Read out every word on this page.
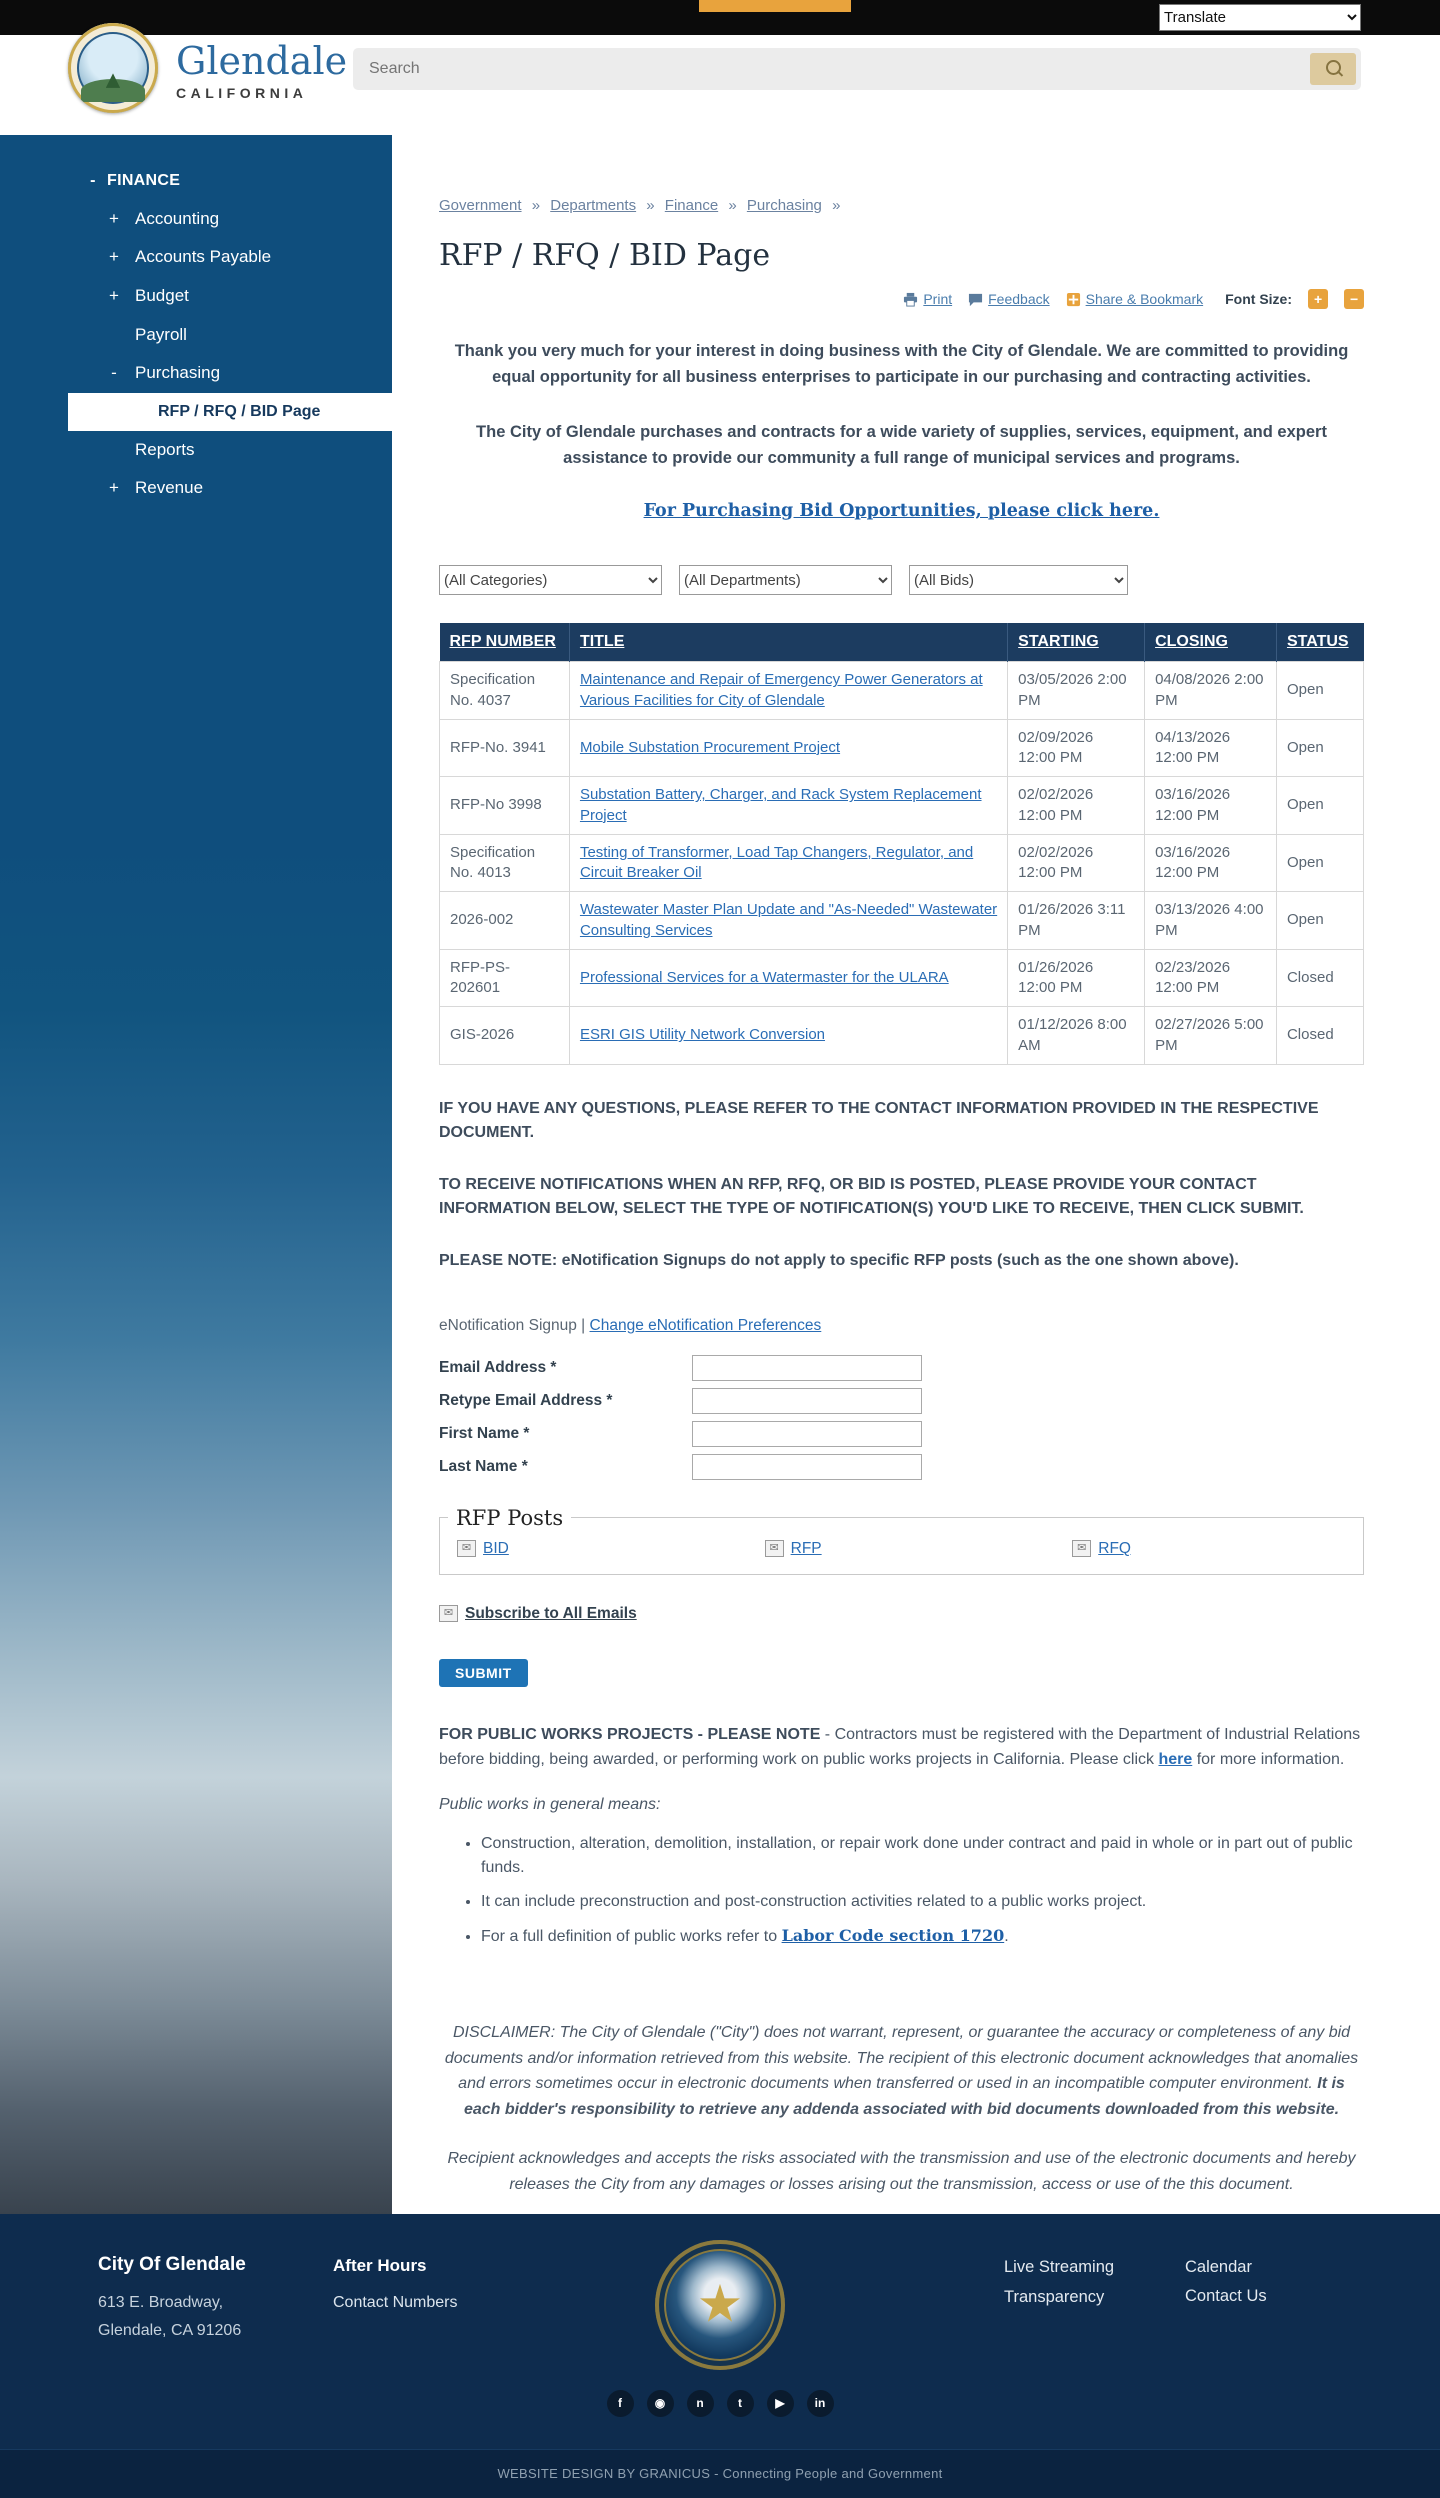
Translate
Glendale
CALIFORNIA
Search
- FINANCE
+ Accounting
+ Accounts Payable
+ Budget
Payroll
- Purchasing
RFP / RFQ / BID Page
Reports
+ Revenue
Government » Departments » Finance » Purchasing »
RFP / RFQ / BID Page
Print	Feedback	Share & Bookmark Font Size:	+	−

Thank you very much for your interest in doing business with the City of Glendale. We are committed to providing equal opportunity for all business enterprises to participate in our purchasing and contracting activities.

The City of Glendale purchases and contracts for a wide variety of supplies, services, equipment, and expert assistance to provide our community a full range of municipal services and programs.

For Purchasing Bid Opportunities, please click here.
(All Categories)
(All Departments)
(All Bids)
RFP NUMBER	TITLE	STARTING	CLOSING	STATUS
Specification No. 4037	Maintenance and Repair of Emergency Power Generators at Various Facilities for City of Glendale	03/05/2026 2:00 PM	04/08/2026 2:00 PM	Open
RFP-No. 3941	Mobile Substation Procurement Project	02/09/2026 12:00 PM	04/13/2026 12:00 PM	Open
RFP-No 3998	Substation Battery, Charger, and Rack System Replacement Project	02/02/2026 12:00 PM	03/16/2026 12:00 PM	Open
Specification No. 4013	Testing of Transformer, Load Tap Changers, Regulator, and Circuit Breaker Oil	02/02/2026 12:00 PM	03/16/2026 12:00 PM	Open
2026-002	Wastewater Master Plan Update and "As-Needed" Wastewater Consulting Services	01/26/2026 3:11 PM	03/13/2026 4:00 PM	Open
RFP-PS-202601	Professional Services for a Watermaster for the ULARA	01/26/2026 12:00 PM	02/23/2026 12:00 PM	Closed
GIS-2026	ESRI GIS Utility Network Conversion	01/12/2026 8:00 AM	02/27/2026 5:00 PM	Closed

IF YOU HAVE ANY QUESTIONS, PLEASE REFER TO THE CONTACT INFORMATION PROVIDED IN THE RESPECTIVE DOCUMENT.

TO RECEIVE NOTIFICATIONS WHEN AN RFP, RFQ, OR BID IS POSTED, PLEASE PROVIDE YOUR CONTACT INFORMATION BELOW, SELECT THE TYPE OF NOTIFICATION(S) YOU'D LIKE TO RECEIVE, THEN CLICK SUBMIT.

PLEASE NOTE: eNotification Signups do not apply to specific RFP posts (such as the one shown above).

eNotification Signup | Change eNotification Preferences
Email Address *
Retype Email Address *
First Name *
Last Name *
RFP Posts
✉ BID	✉ RFP	✉ RFQ
✉ Subscribe to All Emails
SUBMIT

FOR PUBLIC WORKS PROJECTS - PLEASE NOTE - Contractors must be registered with the Department of Industrial Relations before bidding, being awarded, or performing work on public works projects in California. Please click here for more information.

Public works in general means:

• Construction, alteration, demolition, installation, or repair work done under contract and paid in whole or in part out of public funds.
• It can include preconstruction and post-construction activities related to a public works project.
• For a full definition of public works refer to Labor Code section 1720.

DISCLAIMER: The City of Glendale ("City") does not warrant, represent, or guarantee the accuracy or completeness of any bid documents and/or information retrieved from this website. The recipient of this electronic document acknowledges that anomalies and errors sometimes occur in electronic documents when transferred or used in an incompatible computer environment. It is each bidder's responsibility to retrieve any addenda associated with bid documents downloaded from this website.

Recipient acknowledges and accepts the risks associated with the transmission and use of the electronic documents and hereby releases the City from any damages or losses arising out the transmission, access or use of the this document.

City Of Glendale
613 E. Broadway,
Glendale, CA 91206
After Hours
Contact Numbers
Live Streaming
Transparency
Calendar
Contact Us
f	◉	n	t	▶	in
WEBSITE DESIGN BY GRANICUS - Connecting People and Government
